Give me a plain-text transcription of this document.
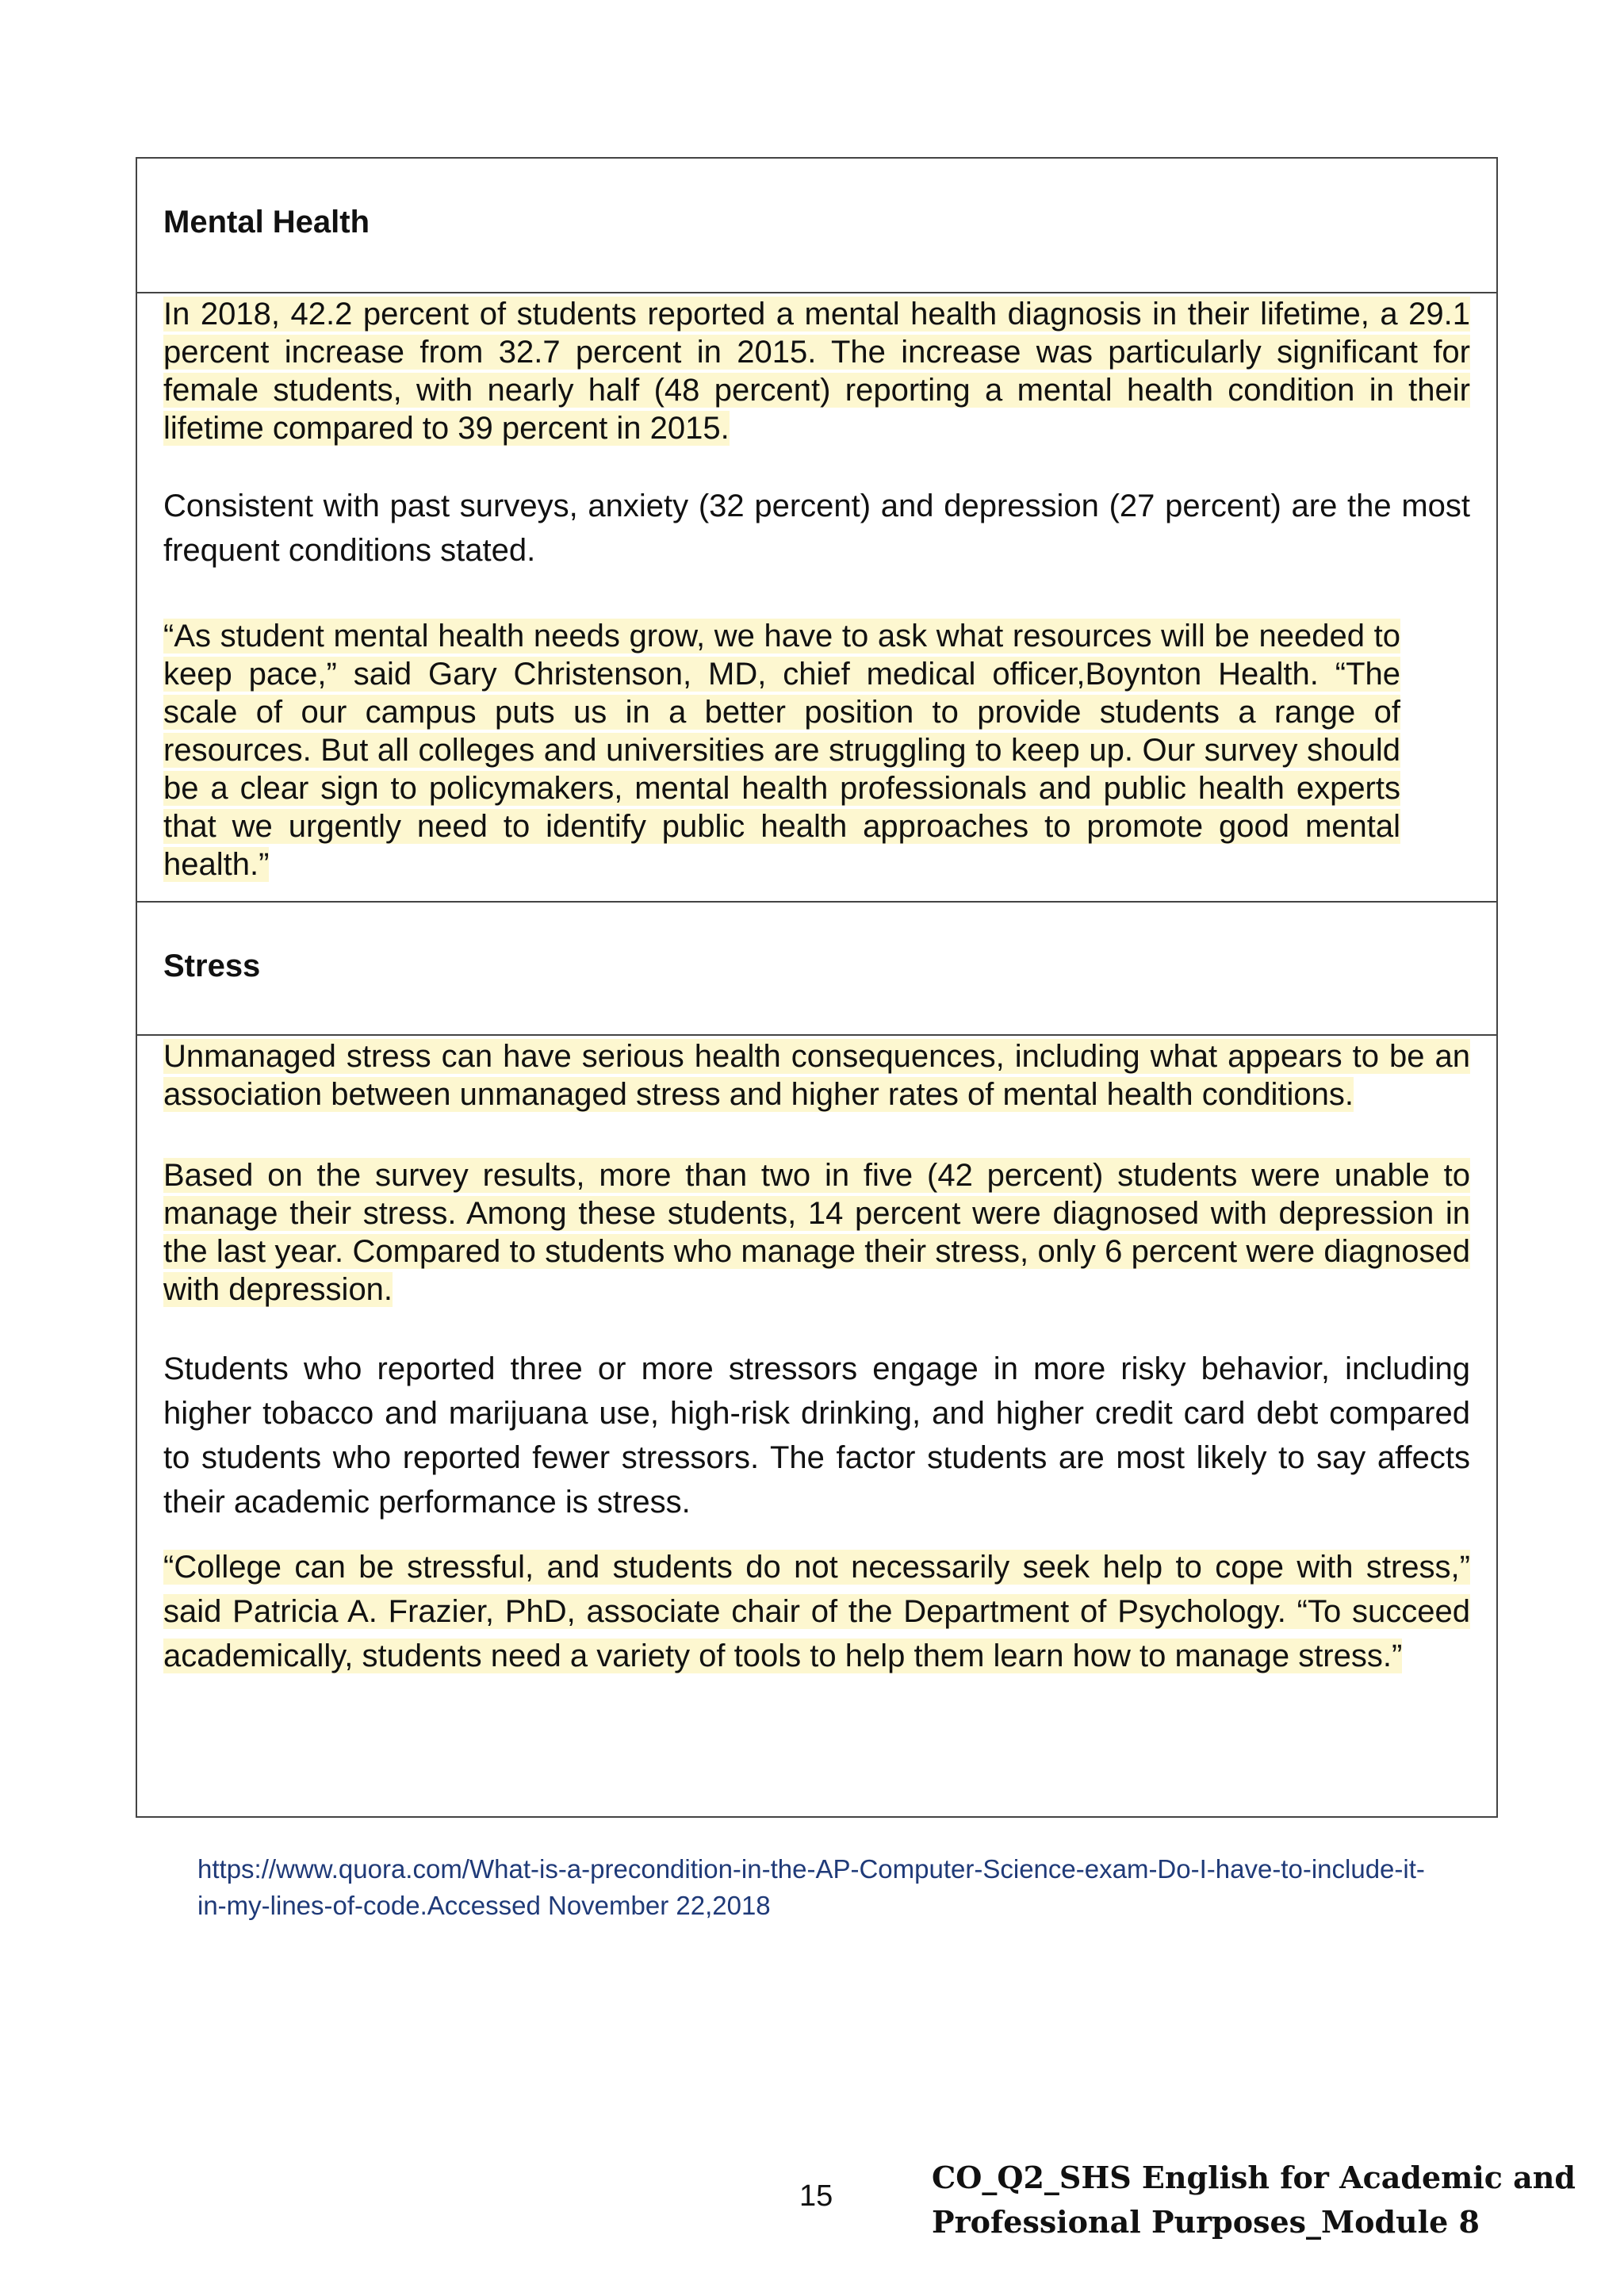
Mental Health
In 2018, 42.2 percent of students reported a mental health diagnosis in their lifetime, a 29.1 percent increase from 32.7 percent in 2015. The increase was particularly significant for female students, with nearly half (48 percent) reporting a mental health condition in their lifetime compared to 39 percent in 2015.
Consistent with past surveys, anxiety (32 percent) and depression (27 percent) are the most frequent conditions stated.
“As student mental health needs grow, we have to ask what resources will be needed to keep pace,” said Gary Christenson, MD, chief medical officer,Boynton Health. “The scale of our campus puts us in a better position to provide students a range of resources. But all colleges and universities are struggling to keep up. Our survey should be a clear sign to policymakers, mental health professionals and public health experts that we urgently need to identify public health approaches to promote good mental health.”
Stress
Unmanaged stress can have serious health consequences, including what appears to be an association between unmanaged stress and higher rates of mental health conditions.
Based on the survey results, more than two in five (42 percent) students were unable to manage their stress. Among these students, 14 percent were diagnosed with depression in the last year. Compared to students who manage their stress, only 6 percent were diagnosed with depression.
Students who reported three or more stressors engage in more risky behavior, including higher tobacco and marijuana use, high-risk drinking, and higher credit card debt compared to students who reported fewer stressors. The factor students are most likely to say affects their academic performance is stress.
“College can be stressful, and students do not necessarily seek help to cope with stress,” said Patricia A. Frazier, PhD, associate chair of the Department of Psychology. “To succeed academically, students need a variety of tools to help them learn how to manage stress.”
https://www.quora.com/What-is-a-precondition-in-the-AP-Computer-Science-exam-Do-I-have-to-include-it-in-my-lines-of-code.Accessed November 22,2018
15
CO_Q2_SHS English for Academic and
Professional Purposes_Module 8
